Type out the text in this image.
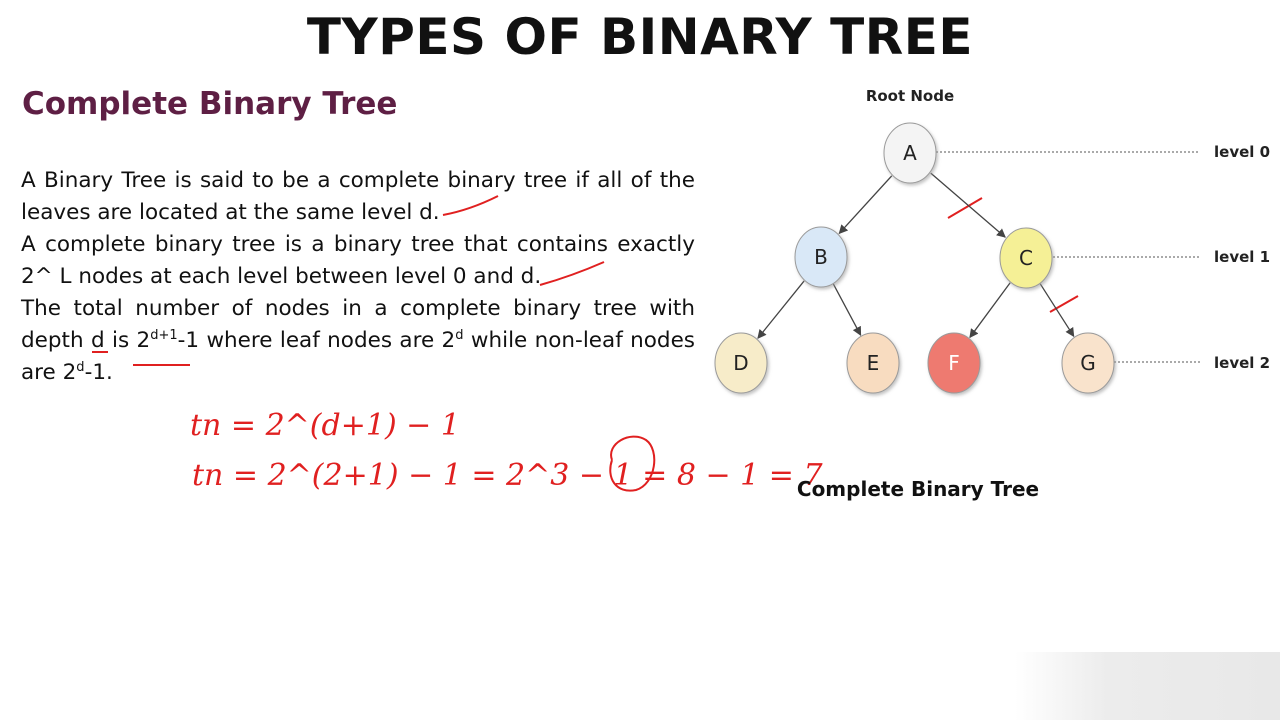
TYPES OF BINARY TREE
Complete Binary Tree

A Binary Tree is said to be a complete binary tree if all of the leaves are located at the same level d.

A complete binary tree is a binary tree that contains exactly 2^ L nodes at each level between level 0 and d.

The total number of nodes in a complete binary tree with depth d is $2^{d+1}-1$ where leaf nodes are 2$^d$ while non-leaf nodes are 2$^d$-1.

tn = 2^(d+1) − 1
tn = 2^(2+1) − 1 = 2^3 − 1 = 8 − 1 = 7
Root Node
level 0
level 1
level 2
A
B	C
D	E	F	G
Complete Binary Tree
